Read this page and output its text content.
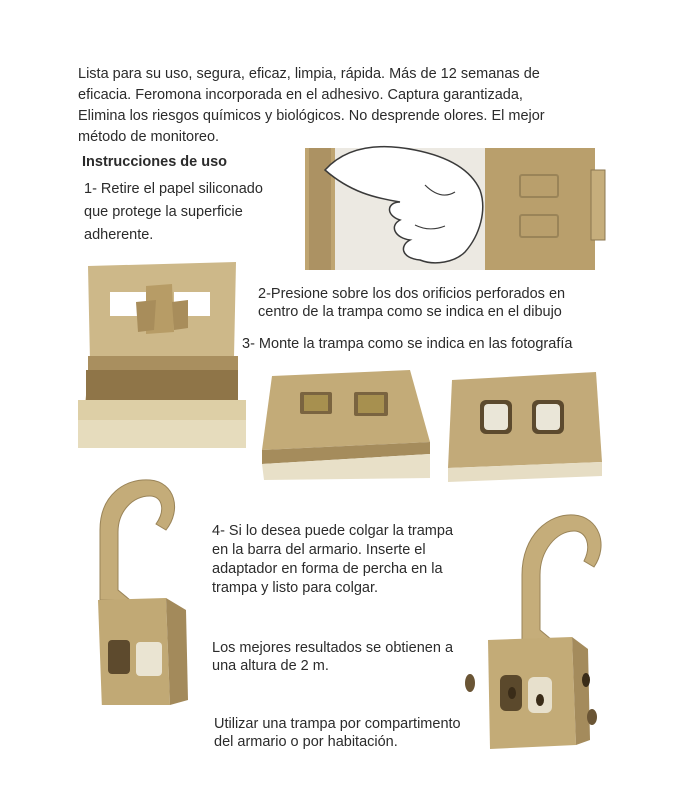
Lista para su uso, segura, eficaz, limpia, rápida. Más de 12 semanas de
eficacia. Feromona incorporada en el adhesivo. Captura garantizada,
Elimina los riesgos químicos y biológicos. No desprende olores. El mejor
método de monitoreo.
Instrucciones de uso
1- Retire el papel siliconado
que protege la superficie
adherente.
2-Presione sobre los dos orificios perforados en
centro de la trampa como se indica en el dibujo
3- Monte la trampa como se indica en las fotografía
4- Si lo desea puede colgar la trampa
en la barra del armario. Inserte el
adaptador en forma de percha en la
trampa y listo para colgar.
Los mejores resultados se obtienen a
una altura de 2 m.
Utilizar una trampa por compartimento
del armario o por habitación.
